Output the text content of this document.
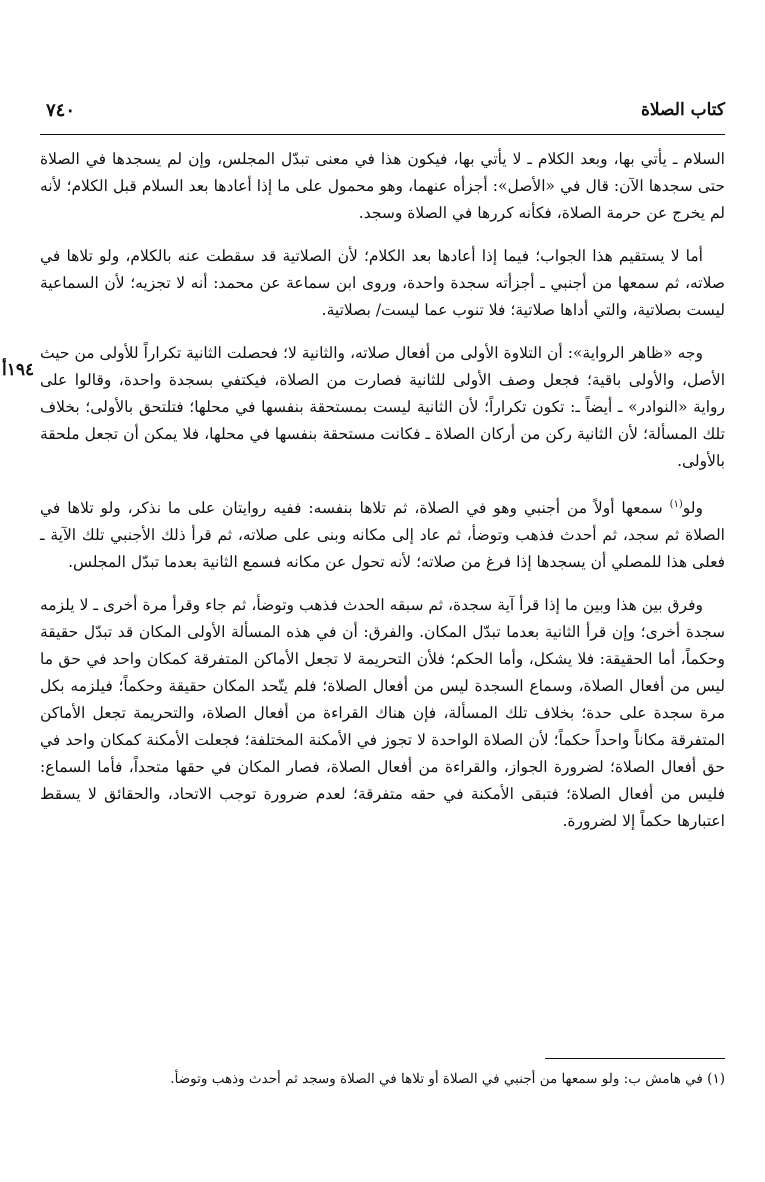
كتاب الصلاة
٧٤٠
١٩٤أ

السلام ـ يأتي بها، وبعد الكلام ـ لا يأتي بها، فيكون هذا في معنى تبدّل المجلس، وإن لم يسجدها في الصلاة حتى سجدها الآن: قال في «الأصل»: أجزأه عنهما، وهو محمول على ما إذا أعادها بعد السلام قبل الكلام؛ لأنه لم يخرج عن حرمة الصلاة، فكأنه كررها في الصلاة وسجد.

أما لا يستقيم هذا الجواب؛ فيما إذا أعادها بعد الكلام؛ لأن الصلاتية قد سقطت عنه بالكلام، ولو تلاها في صلاته، ثم سمعها من أجنبي ـ أجزأته سجدة واحدة، وروى ابن سماعة عن محمد: أنه لا تجزيه؛ لأن السماعية ليست بصلاتية، والتي أداها صلاتية؛ فلا تنوب عما ليست/ بصلاتية.

وجه «ظاهر الرواية»: أن التلاوة الأولى من أفعال صلاته، والثانية لا؛ فحصلت الثانية تكراراً للأولى من حيث الأصل، والأولى باقية؛ فجعل وصف الأولى للثانية فصارت من الصلاة، فيكتفي بسجدة واحدة، وقالوا على رواية «النوادر» ـ أيضاً ـ: تكون تكراراً؛ لأن الثانية ليست بمستحقة بنفسها في محلها؛ فتلتحق بالأولى؛ بخلاف تلك المسألة؛ لأن الثانية ركن من أركان الصلاة ـ فكانت مستحقة بنفسها في محلها، فلا يمكن أن تجعل ملحقة بالأولى.

ولو$^{(١)}$ سمعها أولاً من أجنبي وهو في الصلاة، ثم تلاها بنفسه: ففيه روايتان على ما نذكر، ولو تلاها في الصلاة ثم سجد، ثم أحدث فذهب وتوضأ، ثم عاد إلى مكانه وبنى على صلاته، ثم قرأ ذلك الأجنبي تلك الآية ـ فعلى هذا للمصلي أن يسجدها إذا فرغ من صلاته؛ لأنه تحول عن مكانه فسمع الثانية بعدما تبدّل المجلس.

وفرق بين هذا وبين ما إذا قرأ آية سجدة، ثم سبقه الحدث فذهب وتوضأ، ثم جاء وقرأ مرة أخرى ـ لا يلزمه سجدة أخرى؛ وإن قرأ الثانية بعدما تبدّل المكان. والفرق: أن في هذه المسألة الأولى المكان قد تبدّل حقيقة وحكماً، أما الحقيقة: فلا يشكل، وأما الحكم؛ فلأن التحريمة لا تجعل الأماكن المتفرقة كمكان واحد في حق ما ليس من أفعال الصلاة، وسماع السجدة ليس من أفعال الصلاة؛ فلم يتّحد المكان حقيقة وحكماً؛ فيلزمه بكل مرة سجدة على حدة؛ بخلاف تلك المسألة، فإن هناك القراءة من أفعال الصلاة، والتحريمة تجعل الأماكن المتفرقة مكاناً واحداً حكماً؛ لأن الصلاة الواحدة لا تجوز في الأمكنة المختلفة؛ فجعلت الأمكنة كمكان واحد في حق أفعال الصلاة؛ لضرورة الجواز، والقراءة من أفعال الصلاة، فصار المكان في حقها متحداً، فأما السماع: فليس من أفعال الصلاة؛ فتبقى الأمكنة في حقه متفرقة؛ لعدم ضرورة توجب الاتحاد، والحقائق لا يسقط اعتبارها حكماً إلا لضرورة.

(١) في هامش ب: ولو سمعها من أجنبي في الصلاة أو تلاها في الصلاة وسجد ثم أحدث وذهب وتوضأ.
